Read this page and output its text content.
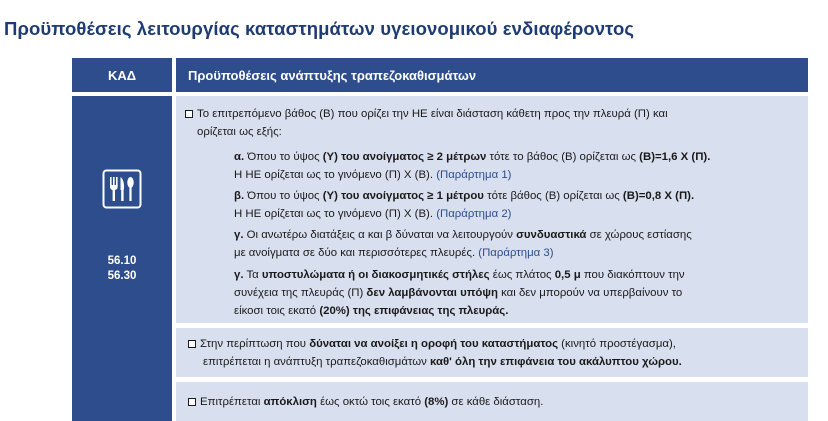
Προϋποθέσεις λειτουργίας καταστημάτων υγειονομικού ενδιαφέροντος
ΚΑΔ	Προϋποθέσεις ανάπτυξης τραπεζοκαθισμάτων
56.10
56.30
Το επιτρεπόμενο βάθος (Β) που ορίζει την ΗΕ είναι διάσταση κάθετη προς την πλευρά (Π) και
ορίζεται ως εξής:
α. Όπου το ύψος (Υ) του ανοίγματος ≥ 2 μέτρων τότε το βάθος (Β) ορίζεται ως (Β)=1,6 Χ (Π).
Η ΗΕ ορίζεται ως το γινόμενο (Π) Χ (Β). (Παράρτημα 1)
β. Όπου το ύψος (Υ) του ανοίγματος ≥ 1 μέτρου τότε βάθος (Β) ορίζεται ως (Β)=0,8 Χ (Π).
Η ΗΕ ορίζεται ως το γινόμενο (Π) Χ (Β). (Παράρτημα 2)
γ. Οι ανωτέρω διατάξεις α και β δύναται να λειτουργούν συνδυαστικά σε χώρους εστίασης
με ανοίγματα σε δύο και περισσότερες πλευρές. (Παράρτημα 3)
γ. Τα υποστυλώματα ή οι διακοσμητικές στήλες έως πλάτος 0,5 μ που διακόπτουν την
συνέχεια της πλευράς (Π) δεν λαμβάνονται υπόψη και δεν μπορούν να υπερβαίνουν το
είκοσι τοις εκατό (20%) της επιφάνειας της πλευράς.
Στην περίπτωση που δύναται να ανοίξει η οροφή του καταστήματος (κινητό προστέγασμα),
επιτρέπεται η ανάπτυξη τραπεζοκαθισμάτων καθ' όλη την επιφάνεια του ακάλυπτου χώρου.
Επιτρέπεται απόκλιση έως οκτώ τοις εκατό (8%) σε κάθε διάσταση.
